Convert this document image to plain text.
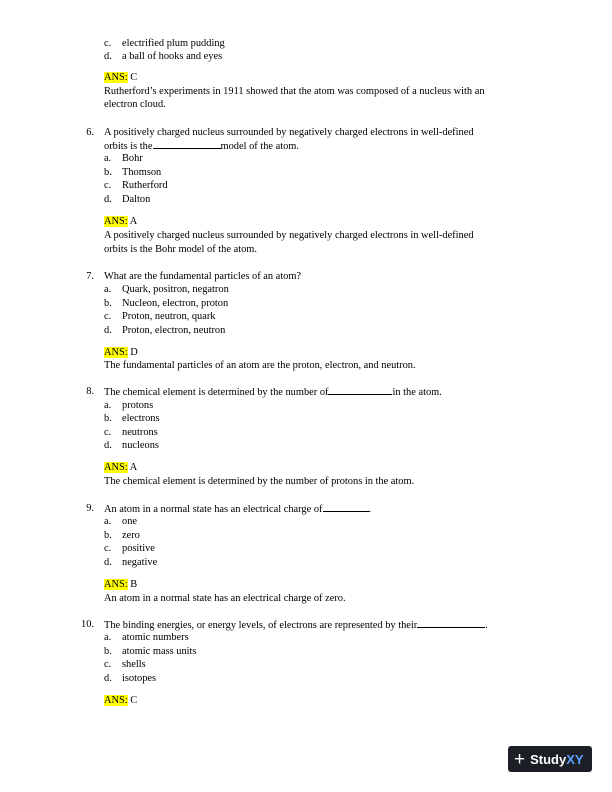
c. electrified plum pudding
d. a ball of hooks and eyes
ANS: C
Rutherford’s experiments in 1911 showed that the atom was composed of a nucleus with an
electron cloud.
6. A positively charged nucleus surrounded by negatively charged electrons in well-defined
orbits is the	model of the atom.
a. Bohr
b. Thomson
c. Rutherford
d. Dalton
ANS: A
A positively charged nucleus surrounded by negatively charged electrons in well-defined
orbits is the Bohr model of the atom.
7. What are the fundamental particles of an atom?
a. Quark, positron, negatron
b. Nucleon, electron, proton
c. Proton, neutron, quark
d. Proton, electron, neutron
ANS: D
The fundamental particles of an atom are the proton, electron, and neutron.
8. The chemical element is determined by the number of	in the atom.
a. protons
b. electrons
c. neutrons
d. nucleons
ANS: A
The chemical element is determined by the number of protons in the atom.
9. An atom in a normal state has an electrical charge of	.
a. one
b. zero
c. positive
d. negative
ANS: B
An atom in a normal state has an electrical charge of zero.
10. The binding energies, or energy levels, of electrons are represented by their	.
a. atomic numbers
b. atomic mass units
c. shells
d. isotopes
ANS: C
+ Study XY
